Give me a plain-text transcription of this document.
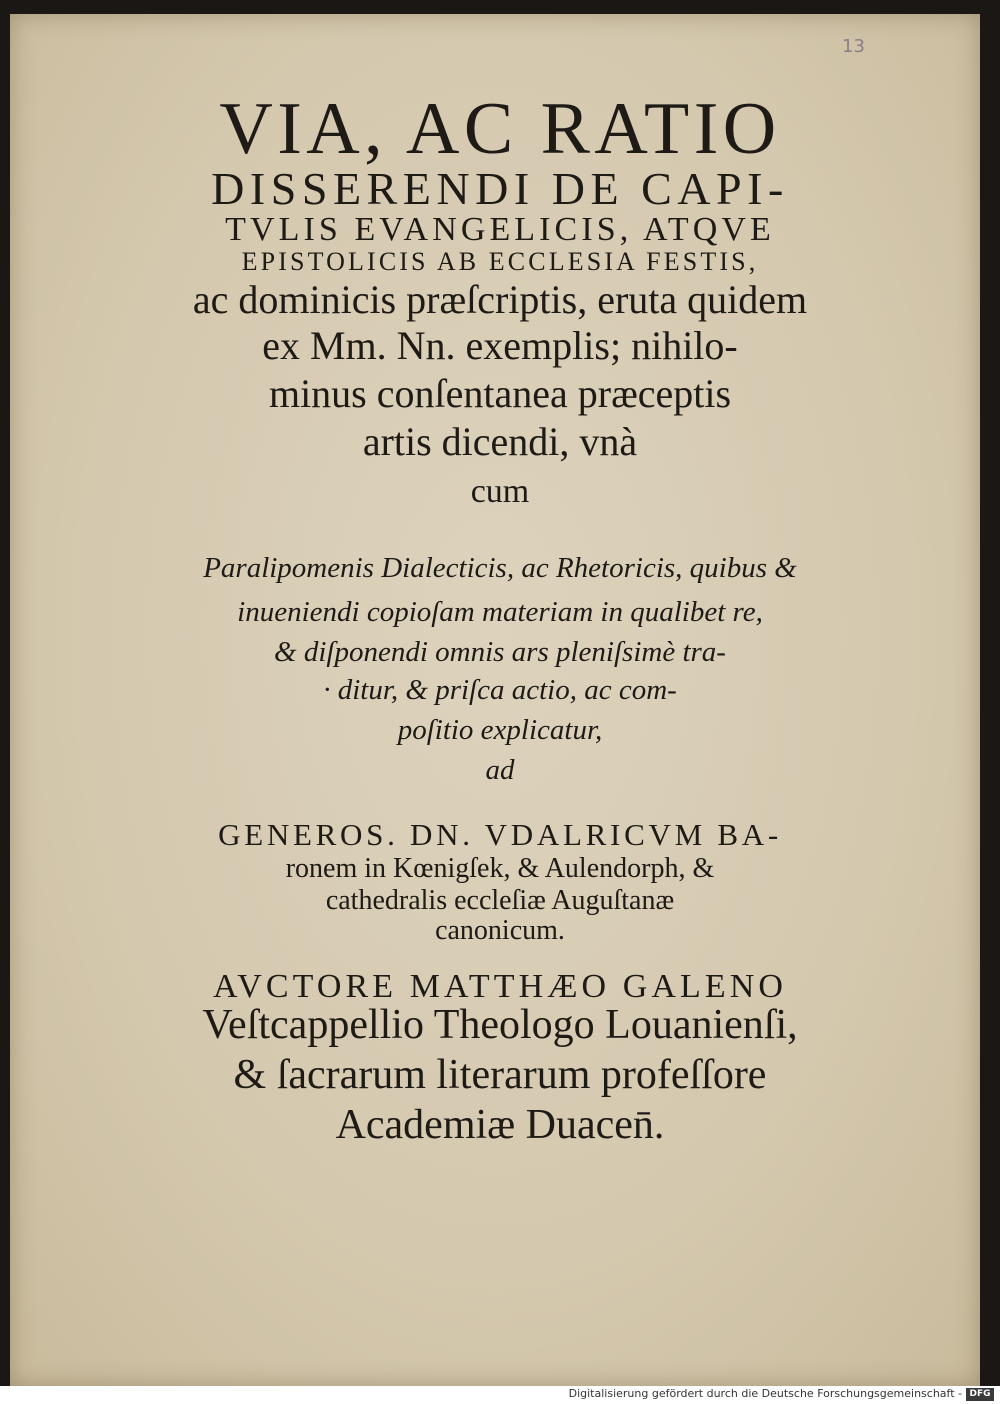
13
VIA, AC RATIO
DISSERENDI DE CAPI-
TVLIS EVANGELICIS, ATQVE
EPISTOLICIS AB ECCLESIA FESTIS,
ac dominicis præſcriptis, eruta quidem
ex Mm. Nn. exemplis; nihilo-
minus conſentanea præceptis
artis dicendi, vnà
cum
Paralipomenis Dialecticis, ac Rhetoricis, quibus &
inueniendi copioſam materiam in qualibet re,
& diſponendi omnis ars pleniſsimè tra-
· ditur, & priſca actio, ac com-
poſitio explicatur,
ad
GENEROS. DN. VDALRICVM BA-
ronem in Kœnigſek, & Aulendorph, &
cathedralis eccleſiæ Auguſtanæ
canonicum.
AVCTORE MATTHÆO GALENO
Veſtcappellio Theologo Louanienſi,
& ſacrarum literarum profeſſore
Academiæ Duacen̄.
Digitalisierung gefördert durch die Deutsche Forschungsgemeinschaft - DFG
